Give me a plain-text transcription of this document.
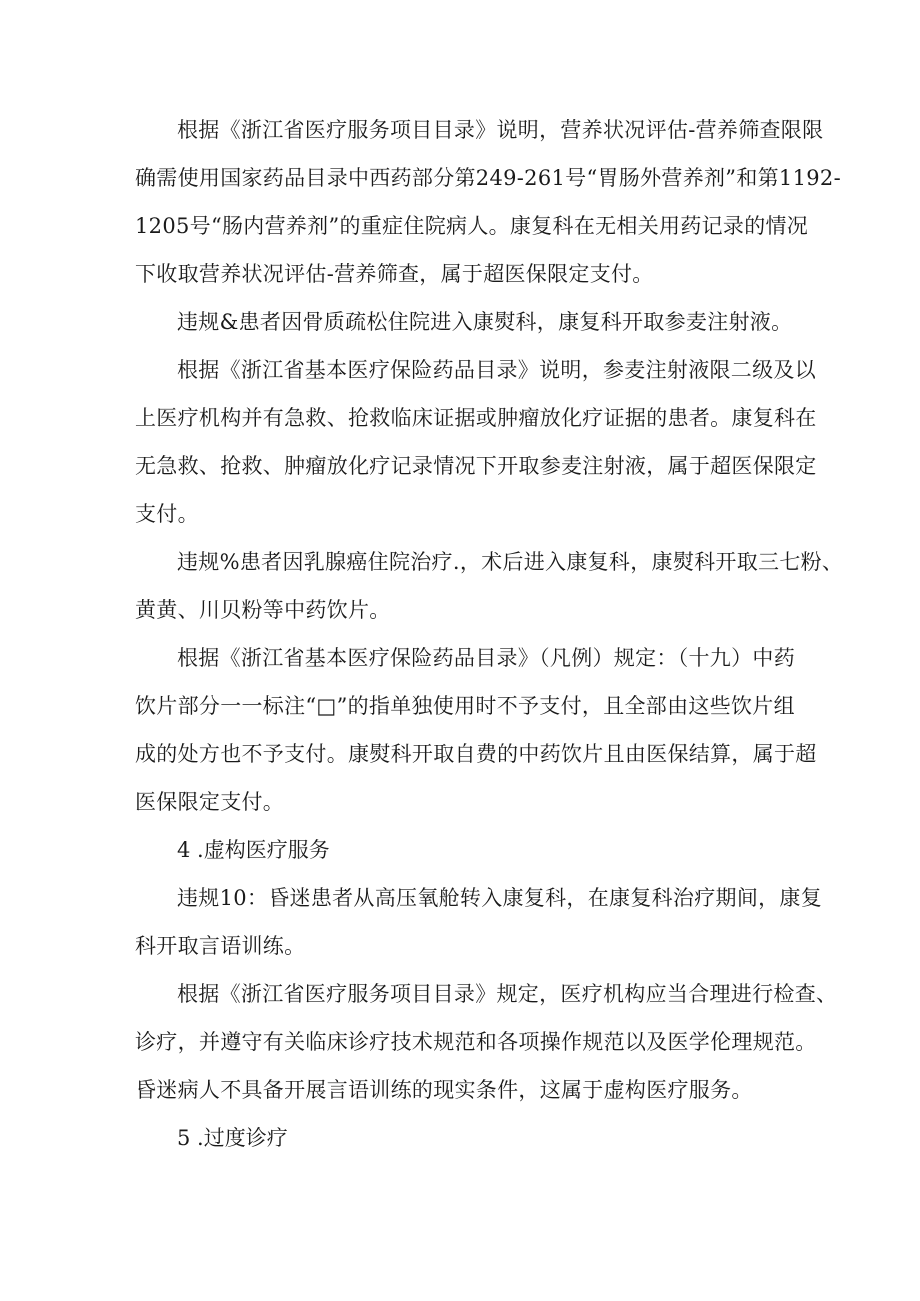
根据《浙江省医疗服务项目目录》说明，营养状况评估-营养筛查限限
确需使用国家药品目录中西药部分第249-261号“胃肠外营养剂”和第1192-
1205号“肠内营养剂”的重症住院病人。康复科在无相关用药记录的情况
下收取营养状况评估-营养筛查，属于超医保限定支付。
违规&患者因骨质疏松住院进入康熨科，康复科开取参麦注射液。
根据《浙江省基本医疗保险药品目录》说明，参麦注射液限二级及以
上医疗机构并有急救、抢救临床证据或肿瘤放化疗证据的患者。康复科在
无急救、抢救、肿瘤放化疗记录情况下开取参麦注射液，属于超医保限定
支付。
违规%患者因乳腺癌住院治疗.，术后进入康复科，康熨科开取三七粉、
黄黄、川贝粉等中药饮片。
根据《浙江省基本医疗保险药品目录》（凡例）规定：（十九）中药
饮片部分一一标注“□”的指单独使用时不予支付，且全部由这些饮片组
成的处方也不予支付。康熨科开取自费的中药饮片且由医保结算，属于超
医保限定支付。
4 .虚构医疗服务
违规10：昏迷患者从高压氧舱转入康复科，在康复科治疗期间，康复
科开取言语训练。
根据《浙江省医疗服务项目目录》规定，医疗机构应当合理进行检查、
诊疗，并遵守有关临床诊疗技术规范和各项操作规范以及医学伦理规范。
昏迷病人不具备开展言语训练的现实条件，这属于虚构医疗服务。
5 .过度诊疗
